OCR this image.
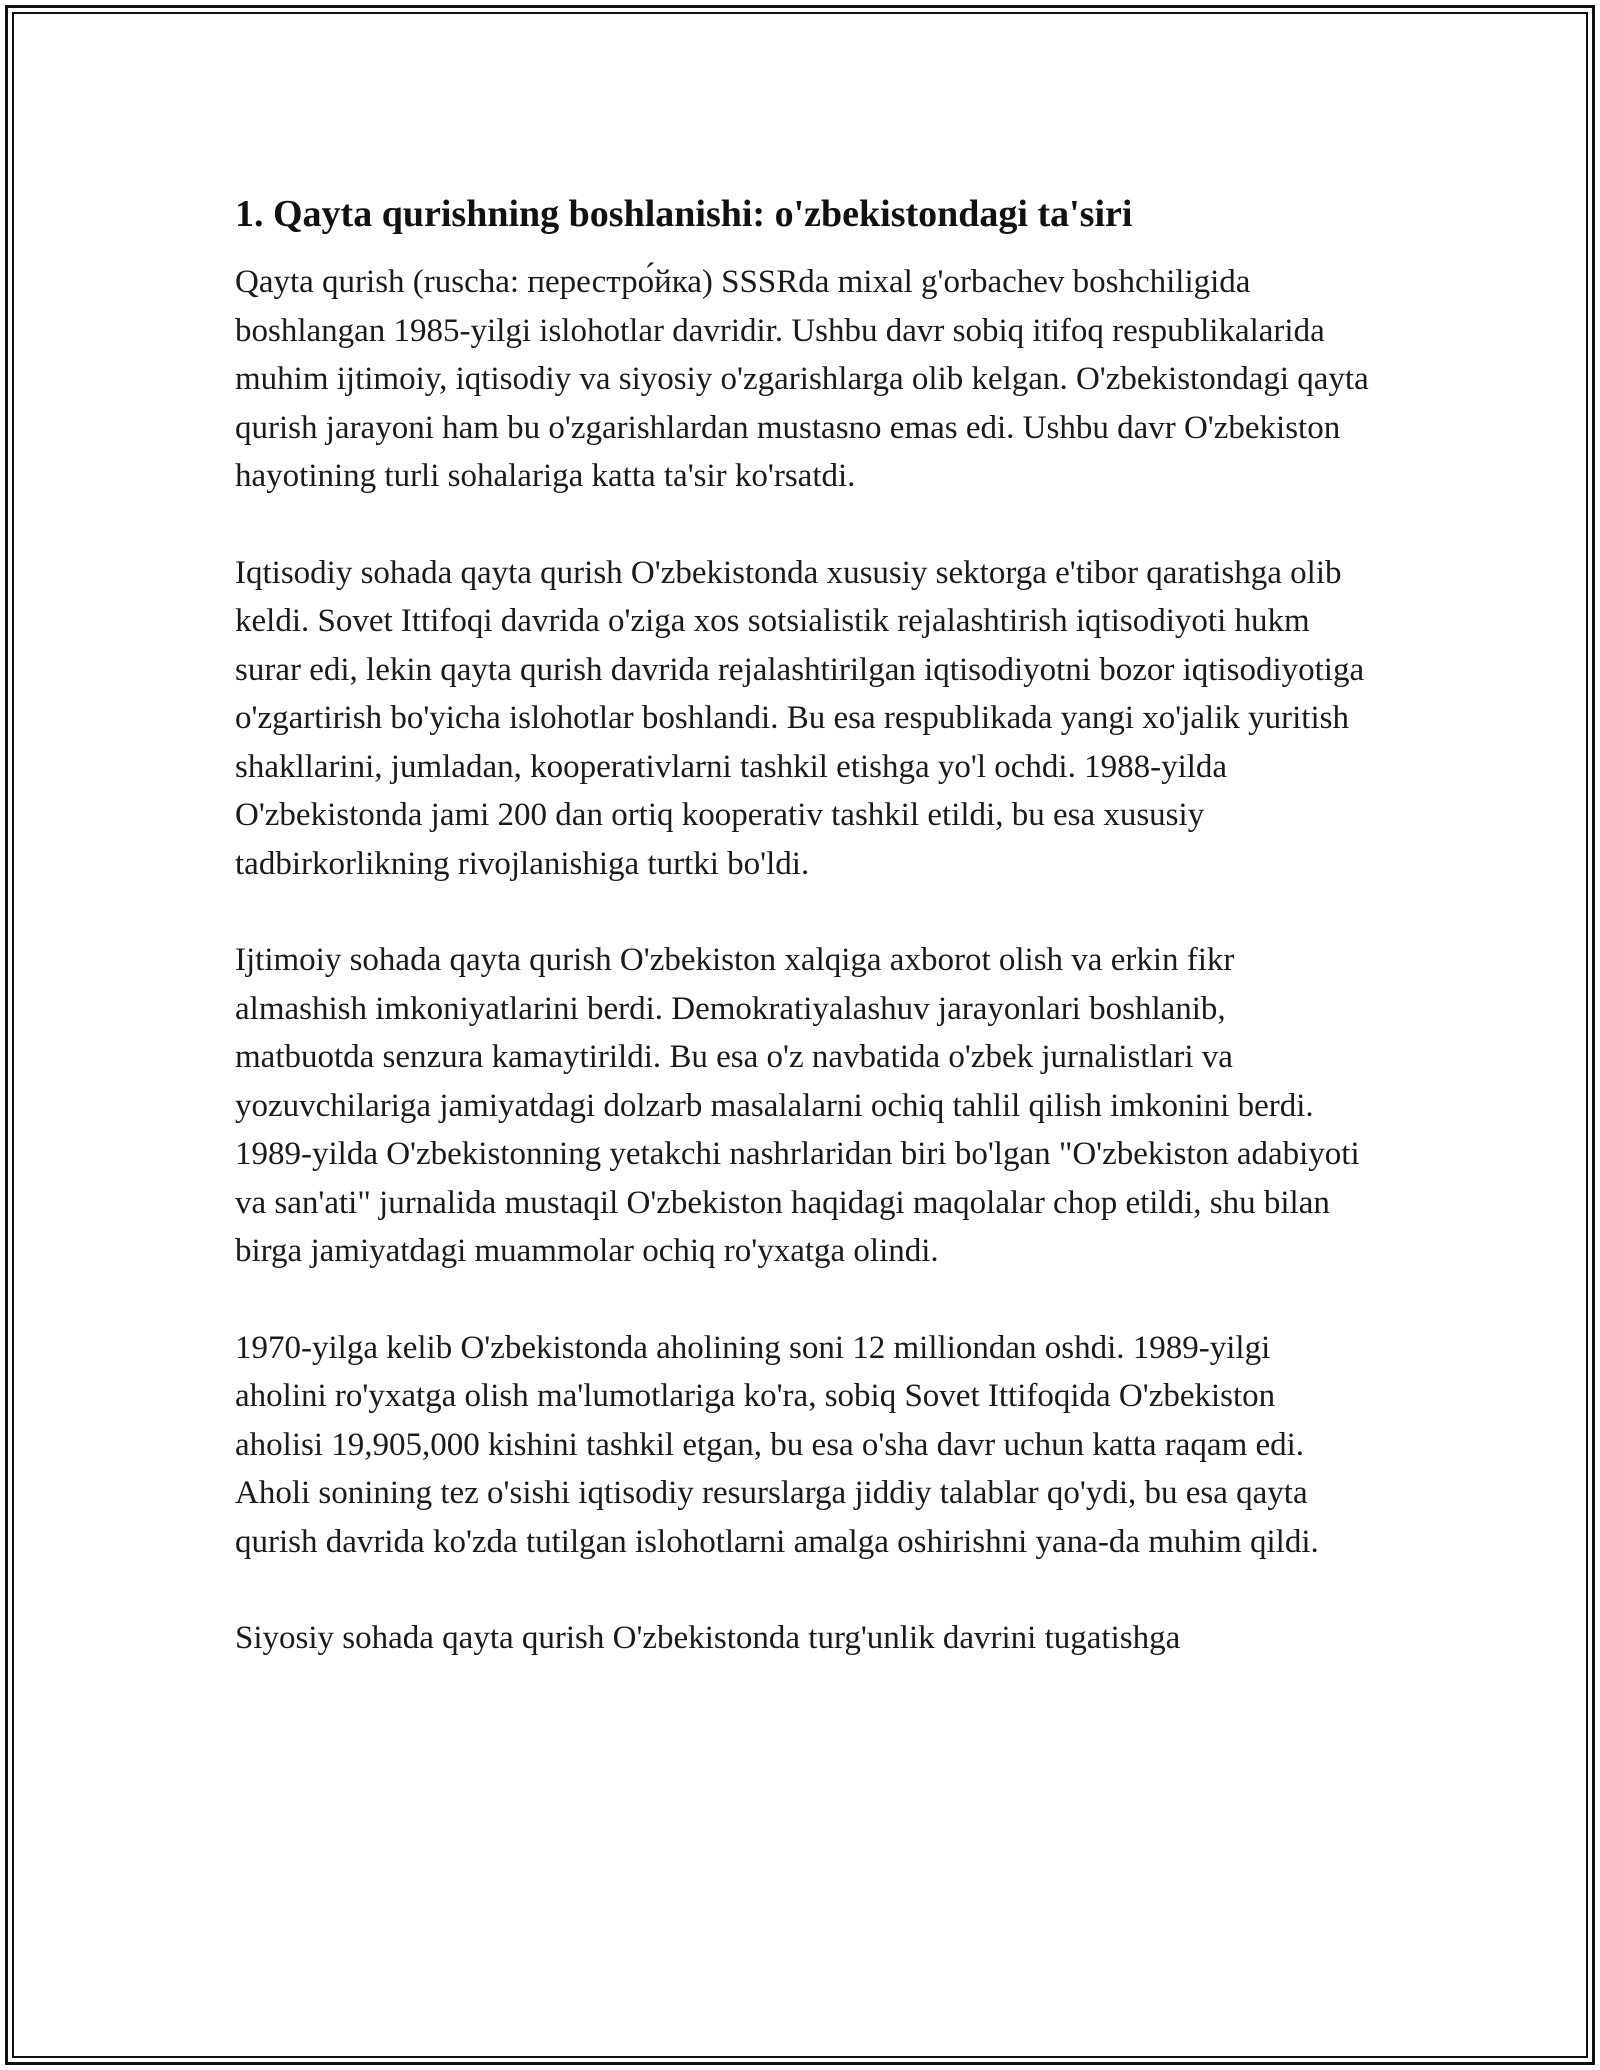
1. Qayta qurishning boshlanishi: o'zbekistondagi ta'siri

Qayta qurish (ruscha: перестро́йка) SSSRda mixal g'orbachev boshchiligida boshlangan 1985-yilgi islohotlar davridir. Ushbu davr sobiq itifoq respublikalarida muhim ijtimoiy, iqtisodiy va siyosiy o'zgarishlarga olib kelgan. O'zbekistondagi qayta qurish jarayoni ham bu o'zgarishlardan mustasno emas edi. Ushbu davr O'zbekiston hayotining turli sohalariga katta ta'sir ko'rsatdi.

Iqtisodiy sohada qayta qurish O'zbekistonda xususiy sektorga e'tibor qaratishga olib keldi. Sovet Ittifoqi davrida o'ziga xos sotsialistik rejalashtirish iqtisodiyoti hukm surar edi, lekin qayta qurish davrida rejalashtirilgan iqtisodiyotni bozor iqtisodiyotiga o'zgartirish bo'yicha islohotlar boshlandi. Bu esa respublikada yangi xo'jalik yuritish shakllarini, jumladan, kooperativlarni tashkil etishga yo'l ochdi. 1988-yilda O'zbekistonda jami 200 dan ortiq kooperativ tashkil etildi, bu esa xususiy tadbirkorlikning rivojlanishiga turtki bo'ldi.

Ijtimoiy sohada qayta qurish O'zbekiston xalqiga axborot olish va erkin fikr almashish imkoniyatlarini berdi. Demokratiyalashuv jarayonlari boshlanib, matbuotda senzura kamaytirildi. Bu esa o'z navbatida o'zbek jurnalistlari va yozuvchilariga jamiyatdagi dolzarb masalalarni ochiq tahlil qilish imkonini berdi. 1989-yilda O'zbekistonning yetakchi nashrlaridan biri bo'lgan "O'zbekiston adabiyoti va san'ati" jurnalida mustaqil O'zbekiston haqidagi maqolalar chop etildi, shu bilan birga jamiyatdagi muammolar ochiq ro'yxatga olindi.

1970-yilga kelib O'zbekistonda aholining soni 12 milliondan oshdi. 1989-yilgi aholini ro'yxatga olish ma'lumotlariga ko'ra, sobiq Sovet Ittifoqida O'zbekiston aholisi 19,905,000 kishini tashkil etgan, bu esa o'sha davr uchun katta raqam edi. Aholi sonining tez o'sishi iqtisodiy resurslarga jiddiy talablar qo'ydi, bu esa qayta qurish davrida ko'zda tutilgan islohotlarni amalga oshirishni yana-da muhim qildi.

Siyosiy sohada qayta qurish O'zbekistonda turg'unlik davrini tugatishga
